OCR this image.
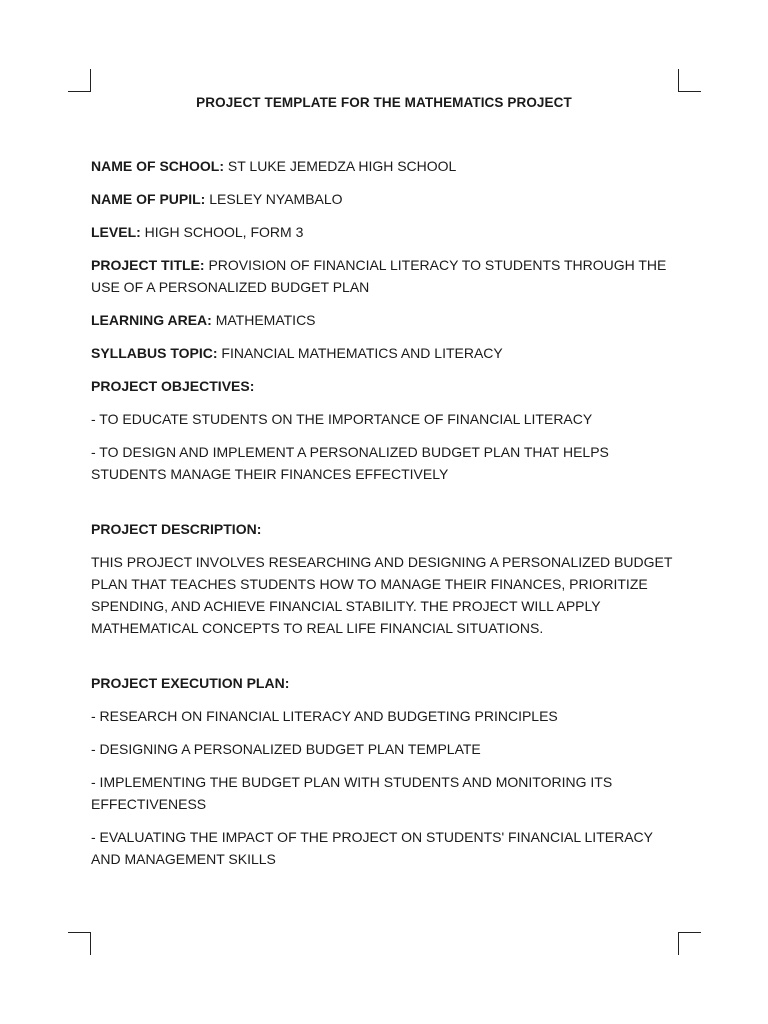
PROJECT TEMPLATE FOR THE MATHEMATICS PROJECT

NAME OF SCHOOL: ST LUKE JEMEDZA HIGH SCHOOL

NAME OF PUPIL: LESLEY NYAMBALO

LEVEL: HIGH SCHOOL, FORM 3

PROJECT TITLE: PROVISION OF FINANCIAL LITERACY TO STUDENTS THROUGH THE USE OF A PERSONALIZED BUDGET PLAN

LEARNING AREA: MATHEMATICS

SYLLABUS TOPIC: FINANCIAL MATHEMATICS AND LITERACY

PROJECT OBJECTIVES:

- TO EDUCATE STUDENTS ON THE IMPORTANCE OF FINANCIAL LITERACY

- TO DESIGN AND IMPLEMENT A PERSONALIZED BUDGET PLAN THAT HELPS STUDENTS MANAGE THEIR FINANCES EFFECTIVELY

PROJECT DESCRIPTION:

THIS PROJECT INVOLVES RESEARCHING AND DESIGNING A PERSONALIZED BUDGET PLAN THAT TEACHES STUDENTS HOW TO MANAGE THEIR FINANCES, PRIORITIZE SPENDING, AND ACHIEVE FINANCIAL STABILITY. THE PROJECT WILL APPLY MATHEMATICAL CONCEPTS TO REAL LIFE FINANCIAL SITUATIONS.

PROJECT EXECUTION PLAN:

- RESEARCH ON FINANCIAL LITERACY AND BUDGETING PRINCIPLES

- DESIGNING A PERSONALIZED BUDGET PLAN TEMPLATE

- IMPLEMENTING THE BUDGET PLAN WITH STUDENTS AND MONITORING ITS EFFECTIVENESS

- EVALUATING THE IMPACT OF THE PROJECT ON STUDENTS' FINANCIAL LITERACY AND MANAGEMENT SKILLS
